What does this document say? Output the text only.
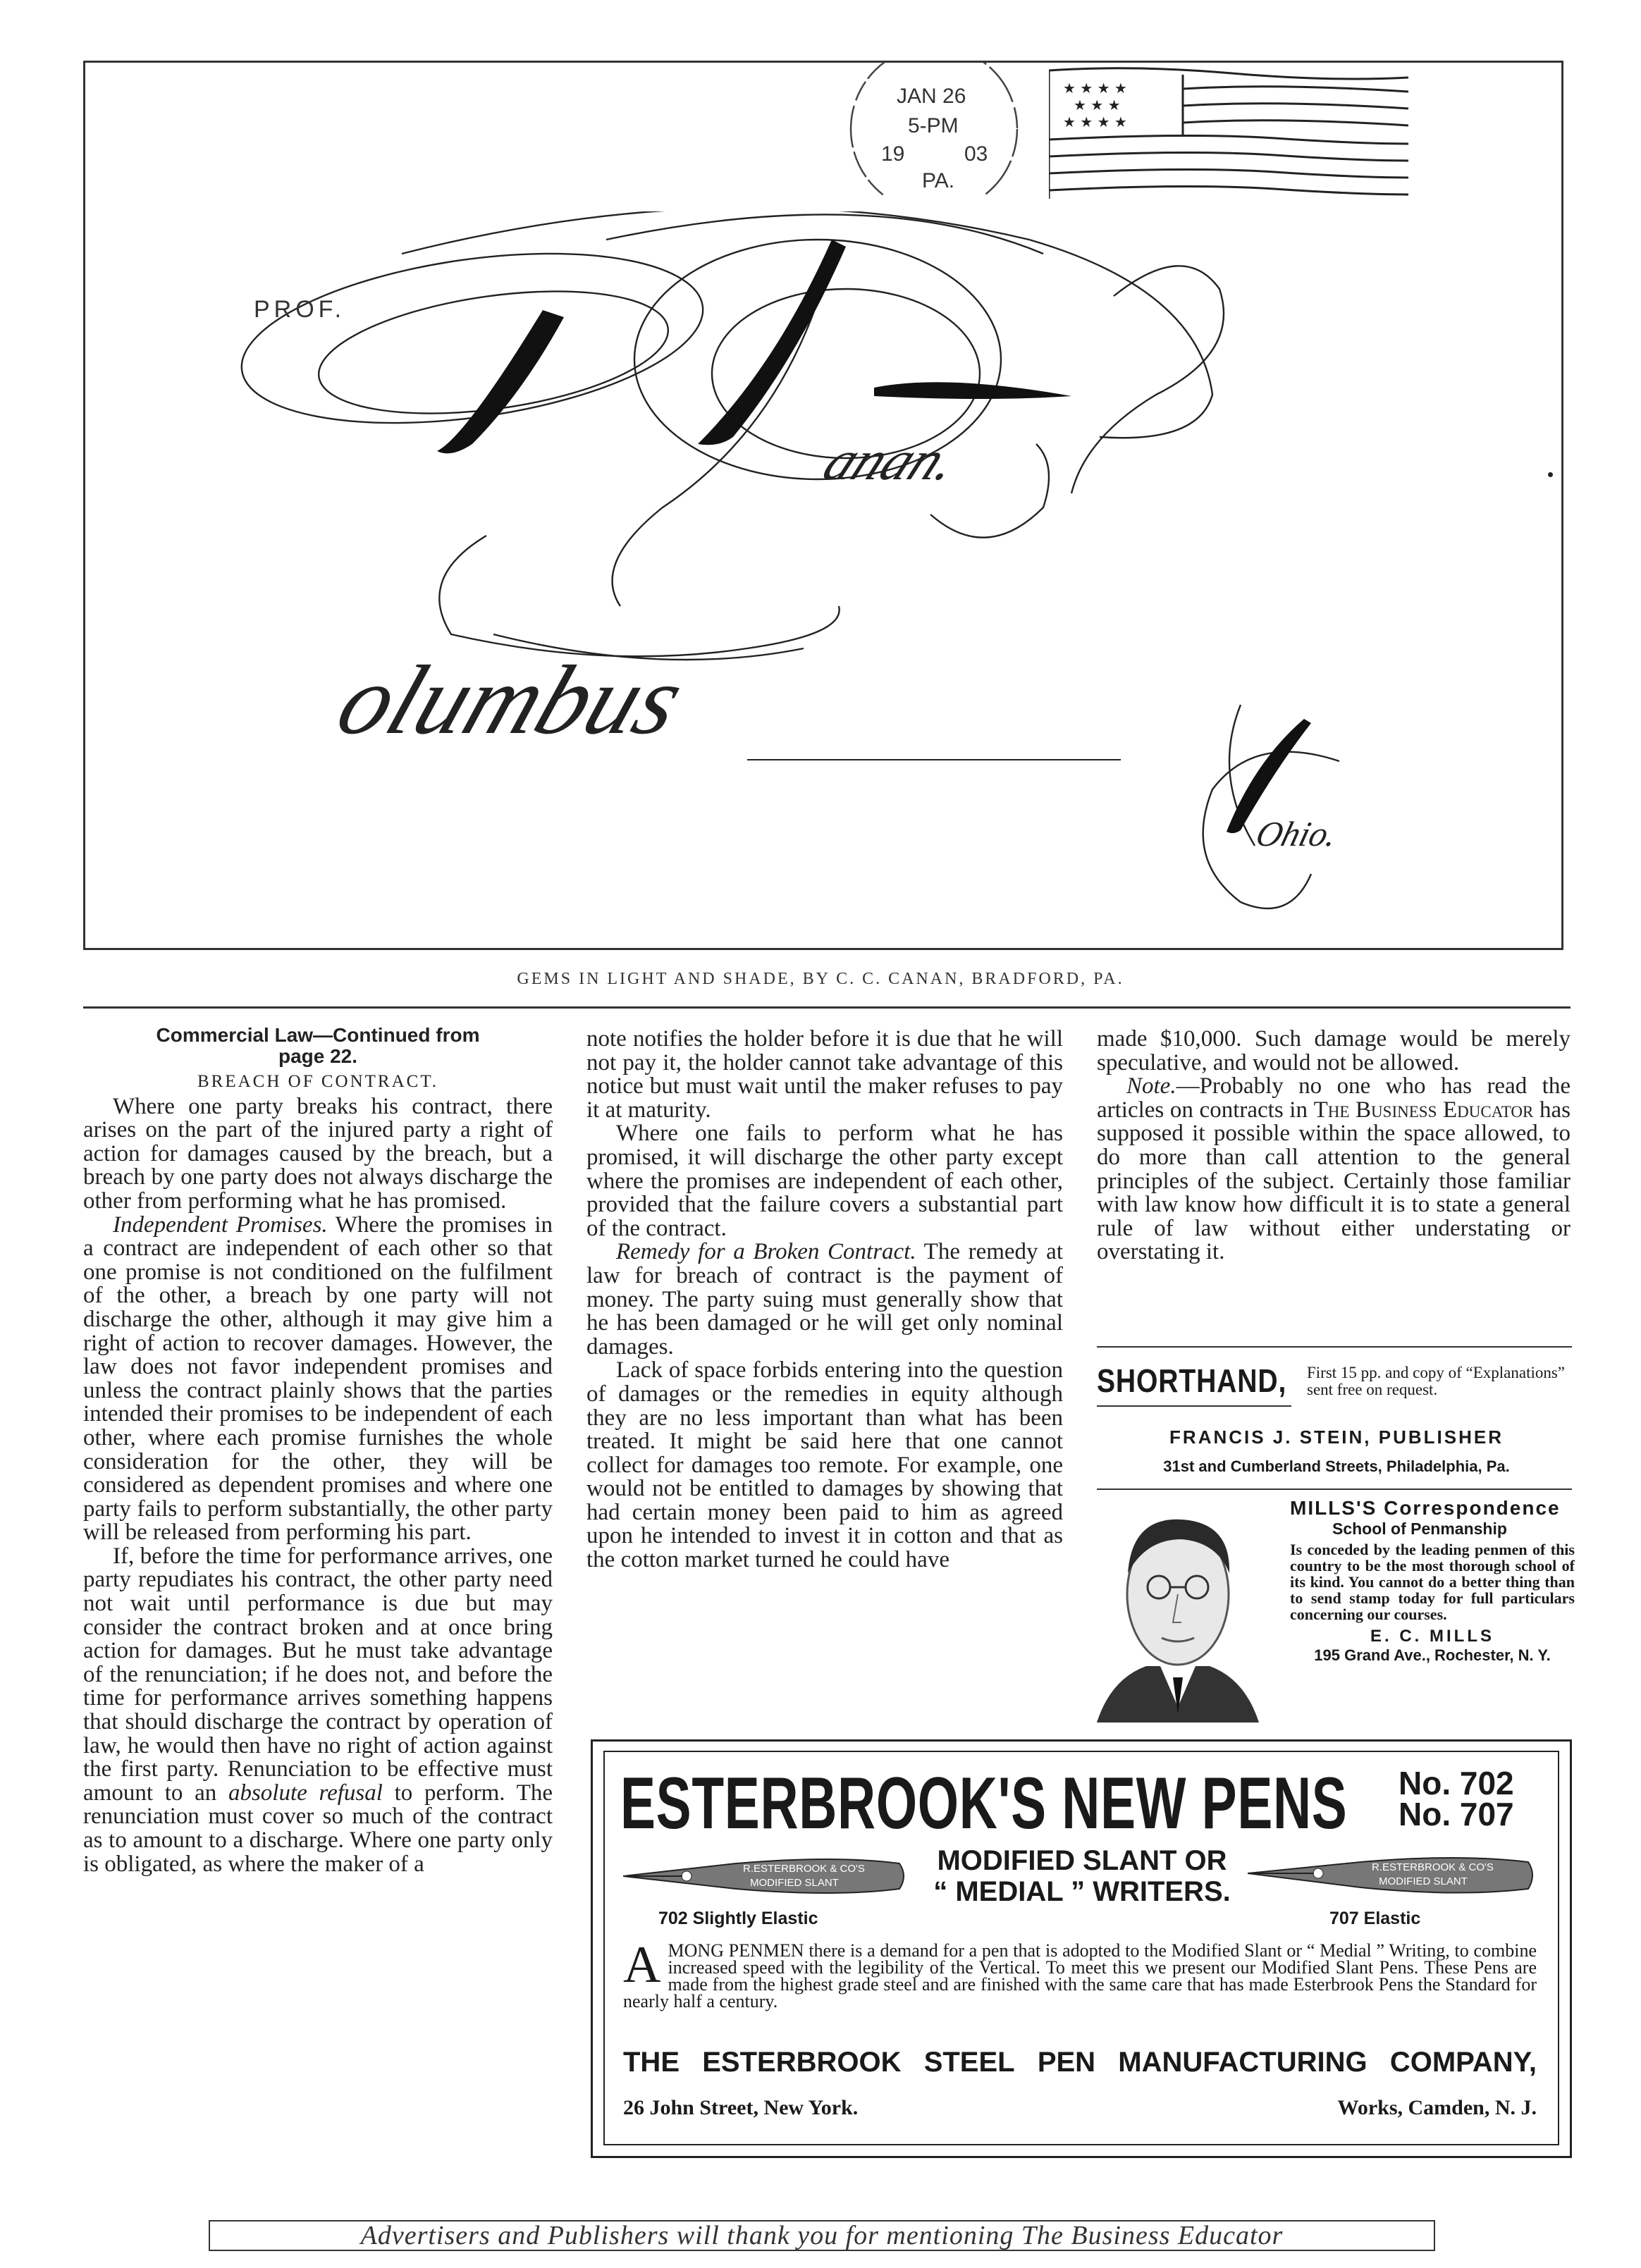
JAN 26
5-PM
19	03
PA.
★ ★ ★ ★
★ ★ ★
★ ★ ★ ★
PROF.
anan.
olumbus
Ohio.
GEMS IN LIGHT AND SHADE, BY C. C. CANAN, BRADFORD, PA.

Commercial Law—Continued from
page 22.

BREACH OF CONTRACT.

Where one party breaks his contract, there arises on the part of the injured party a right of action for damages caused by the breach, but a breach by one party does not always discharge the other from performing what he has promised.

Independent Promises. Where the promises in a contract are independent of each other so that one promise is not conditioned on the fulfilment of the other, a breach by one party will not discharge the other, although it may give him a right of action to recover damages. However, the law does not favor independent promises and unless the contract plainly shows that the parties intended their promises to be independent of each other, where each promise furnishes the whole consideration for the other, they will be considered as dependent promises and where one party fails to perform substantially, the other party will be released from performing his part.

If, before the time for performance arrives, one party repudiates his contract, the other party need not wait until performance is due but may consider the contract broken and at once bring action for damages. But he must take advantage of the renunciation; if he does not, and before the time for performance arrives something happens that should discharge the contract by operation of law, he would then have no right of action against the first party. Renunciation to be effective must amount to an absolute refusal to perform. The renunciation must cover so much of the contract as to amount to a discharge. Where one party only is obligated, as where the maker of a

note notifies the holder before it is due that he will not pay it, the holder cannot take advantage of this notice but must wait until the maker refuses to pay it at maturity.

Where one fails to perform what he has promised, it will discharge the other party except where the promises are independent of each other, provided that the failure covers a substantial part of the contract.

Remedy for a Broken Contract. The remedy at law for breach of contract is the payment of money. The party suing must generally show that he has been damaged or he will get only nominal damages.

Lack of space forbids entering into the question of damages or the remedies in equity although they are no less important than what has been treated. It might be said here that one cannot collect for damages too remote. For example, one would not be entitled to damages by showing that had certain money been paid to him as agreed upon he intended to invest it in cotton and that as the cotton market turned he could have

made $10,000. Such damage would be merely speculative, and would not be allowed.

Note.—Probably no one who has read the articles on contracts in The Business Educator has supposed it possible within the space allowed, to do more than call attention to the general principles of the subject. Certainly those familiar with law know how difficult it is to state a general rule of law without either understating or overstating it.

SHORTHAND, First 15 pp. and copy of “Explanations” sent free on request.
FRANCIS J. STEIN, PUBLISHER
31st and Cumberland Streets, Philadelphia, Pa.
MILLS'S Correspondence
School of Penmanship
Is conceded by the leading penmen of this country to be the most thorough school of its kind. You cannot do a better thing than to send stamp today for full particulars concerning our courses.
E. C. MILLS
195 Grand Ave., Rochester, N. Y.
ESTERBROOK'S NEW PENS No. 702
No. 707
R.ESTERBROOK & CO'S
MODIFIED SLANT
R.ESTERBROOK & CO'S
MODIFIED SLANT
MODIFIED SLANT OR
“ MEDIAL ” WRITERS.
702 Slightly Elastic	707 Elastic
AMONG PENMEN there is a demand for a pen that is adopted to the Modified Slant or “ Medial ” Writing, to combine increased speed with the legibility of the Vertical. To meet this we present our Modified Slant Pens. These Pens are made from the highest grade steel and are finished with the same care that has made Esterbrook Pens the Standard for nearly half a century.
THE ESTERBROOK STEEL PEN MANUFACTURING COMPANY,
26 John Street, New York.	Works, Camden, N. J.
Advertisers and Publishers will thank you for mentioning The Business Educator
